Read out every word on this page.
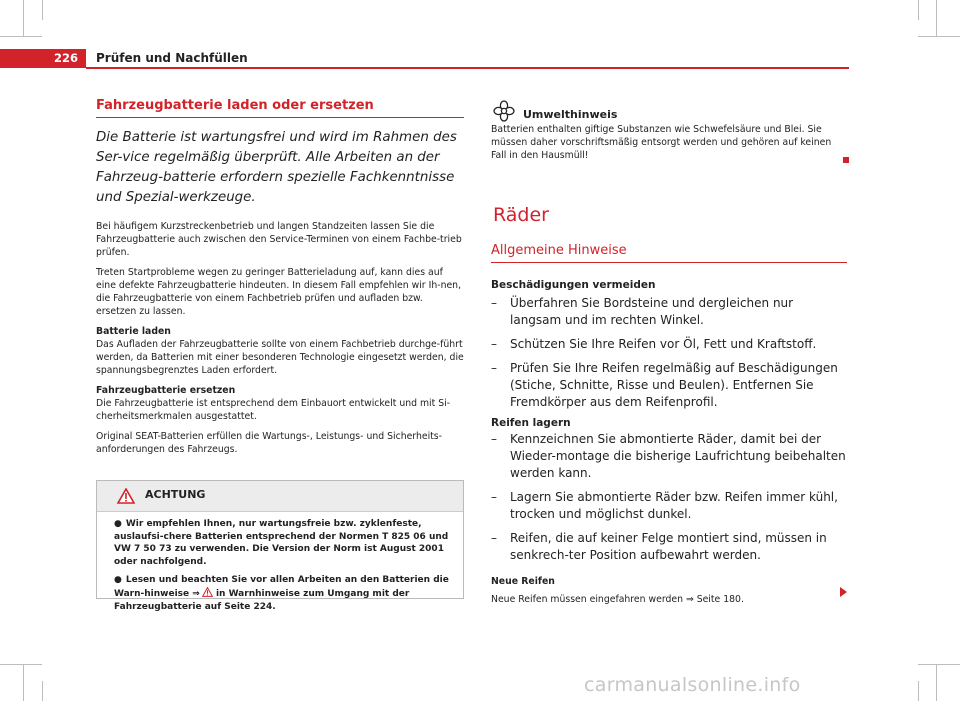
226	Prüfen und Nachfüllen
Fahrzeugbatterie laden oder ersetzen

Die Batterie ist wartungsfrei und wird im Rahmen des Ser-vice regelmäßig überprüft. Alle Arbeiten an der Fahrzeug-batterie erfordern spezielle Fachkenntnisse und Spezial-werkzeuge.

Bei häufigem Kurzstreckenbetrieb und langen Standzeiten lassen Sie die Fahrzeugbatterie auch zwischen den Service-Terminen von einem Fachbe-trieb prüfen.

Treten Startprobleme wegen zu geringer Batterieladung auf, kann dies auf eine defekte Fahrzeugbatterie hindeuten. In diesem Fall empfehlen wir Ih-nen, die Fahrzeugbatterie von einem Fachbetrieb prüfen und aufladen bzw. ersetzen zu lassen.

Batterie laden

Das Aufladen der Fahrzeugbatterie sollte von einem Fachbetrieb durchge-führt werden, da Batterien mit einer besonderen Technologie eingesetzt werden, die spannungsbegrenztes Laden erfordert.

Fahrzeugbatterie ersetzen

Die Fahrzeugbatterie ist entsprechend dem Einbauort entwickelt und mit Si-cherheitsmerkmalen ausgestattet.

Original SEAT-Batterien erfüllen die Wartungs-, Leistungs- und Sicherheits-anforderungen des Fahrzeugs.

ACHTUNG
● Wir empfehlen Ihnen, nur wartungsfreie bzw. zyklenfeste, auslaufsi-chere Batterien entsprechend der Normen T 825 06 und VW 7 50 73 zu verwenden. Die Version der Norm ist August 2001 oder nachfolgend.
● Lesen und beachten Sie vor allen Arbeiten an den Batterien die Warn-hinweise ⇒ in Warnhinweise zum Umgang mit der Fahrzeugbatterie auf Seite 224.
Umwelthinweis

Batterien enthalten giftige Substanzen wie Schwefelsäure und Blei. Sie müssen daher vorschriftsmäßig entsorgt werden und gehören auf keinen Fall in den Hausmüll!

Räder
Allgemeine Hinweise

Beschädigungen vermeiden

– Überfahren Sie Bordsteine und dergleichen nur langsam und im rechten Winkel.

– Schützen Sie Ihre Reifen vor Öl, Fett und Kraftstoff.

– Prüfen Sie Ihre Reifen regelmäßig auf Beschädigungen (Stiche, Schnitte, Risse und Beulen). Entfernen Sie Fremdkörper aus dem Reifenprofil.

Reifen lagern

– Kennzeichnen Sie abmontierte Räder, damit bei der Wieder-montage die bisherige Laufrichtung beibehalten werden kann.

– Lagern Sie abmontierte Räder bzw. Reifen immer kühl, trocken und möglichst dunkel.

– Reifen, die auf keiner Felge montiert sind, müssen in senkrech-ter Position aufbewahrt werden.

Neue Reifen

Neue Reifen müssen eingefahren werden ⇒ Seite 180.

carmanualsonline.info
